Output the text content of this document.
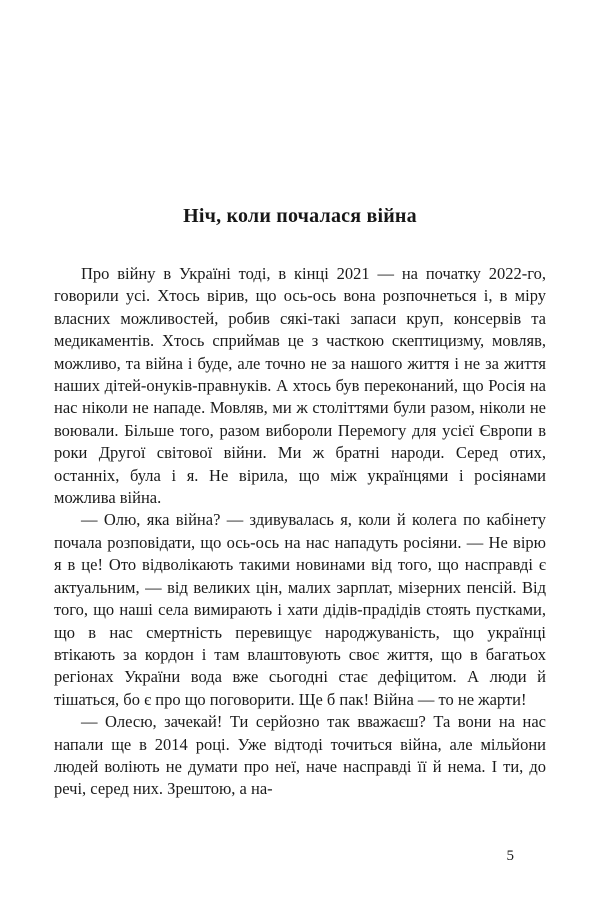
Ніч, коли почалася війна

Про війну в Україні тоді, в кінці 2021 — на початку 2022-го, говорили усі. Хтось вірив, що ось-ось вона розпочнеться і, в міру власних можливостей, робив сякі-такі запаси круп, консервів та медикаментів. Хтось сприймав це з часткою скептицизму, мовляв, можливо, та війна і буде, але точно не за нашого життя і не за життя наших дітей-онуків-правнуків. А хтось був переконаний, що Росія на нас ніколи не нападе. Мовляв, ми ж століттями були разом, ніколи не воювали. Більше того, разом вибороли Перемогу для усієї Європи в роки Другої світової війни. Ми ж братні народи. Серед отих, останніх, була і я. Не вірила, що між українцями і росіянами можлива війна.

— Олю, яка війна? — здивувалась я, коли й колега по кабінету почала розповідати, що ось-ось на нас нападуть росіяни. — Не вірю я в це! Ото відволікають такими новинами від того, що насправді є актуальним, — від великих цін, малих зарплат, мізерних пенсій. Від того, що наші села вимирають і хати дідів-прадідів стоять пустками, що в нас смертність перевищує народжуваність, що українці втікають за кордон і там влаштовують своє життя, що в багатьох регіонах України вода вже сьогодні стає дефіцитом. А люди й тішаться, бо є про що поговорити. Ще б пак! Війна — то не жарти!

— Олесю, зачекай! Ти серйозно так вважаєш? Та вони на нас напали ще в 2014 році. Уже відтоді точиться війна, але мільйони людей воліють не думати про неї, наче насправді її й нема. І ти, до речі, серед них. Зрештою, а на-

5
